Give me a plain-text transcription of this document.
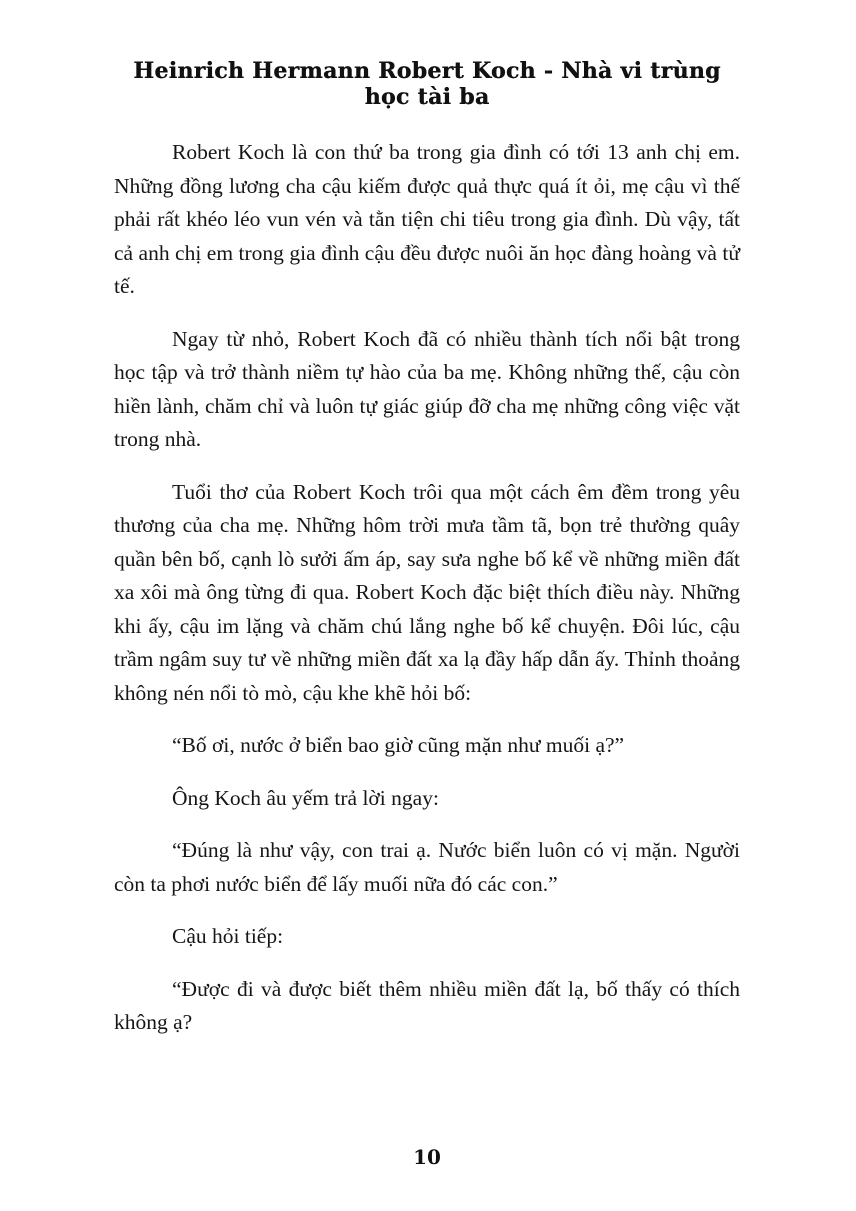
Heinrich Hermann Robert Koch - Nhà vi trùng học tài ba

Robert Koch là con thứ ba trong gia đình có tới 13 anh chị em. Những đồng lương cha cậu kiếm được quả thực quá ít ỏi, mẹ cậu vì thế phải rất khéo léo vun vén và tằn tiện chi tiêu trong gia đình. Dù vậy, tất cả anh chị em trong gia đình cậu đều được nuôi ăn học đàng hoàng và tử tế.

Ngay từ nhỏ, Robert Koch đã có nhiều thành tích nổi bật trong học tập và trở thành niềm tự hào của ba mẹ. Không những thế, cậu còn hiền lành, chăm chỉ và luôn tự giác giúp đỡ cha mẹ những công việc vặt trong nhà.

Tuổi thơ của Robert Koch trôi qua một cách êm đềm trong yêu thương của cha mẹ. Những hôm trời mưa tầm tã, bọn trẻ thường quây quần bên bố, cạnh lò sưởi ấm áp, say sưa nghe bố kể về những miền đất xa xôi mà ông từng đi qua. Robert Koch đặc biệt thích điều này. Những khi ấy, cậu im lặng và chăm chú lắng nghe bố kể chuyện. Đôi lúc, cậu trầm ngâm suy tư về những miền đất xa lạ đầy hấp dẫn ấy. Thỉnh thoảng không nén nổi tò mò, cậu khe khẽ hỏi bố:

“Bố ơi, nước ở biển bao giờ cũng mặn như muối ạ?”

Ông Koch âu yếm trả lời ngay:

“Đúng là như vậy, con trai ạ. Nước biển luôn có vị mặn. Người còn ta phơi nước biển để lấy muối nữa đó các con.”

Cậu hỏi tiếp:

“Được đi và được biết thêm nhiều miền đất lạ, bố thấy có thích không ạ?

10
